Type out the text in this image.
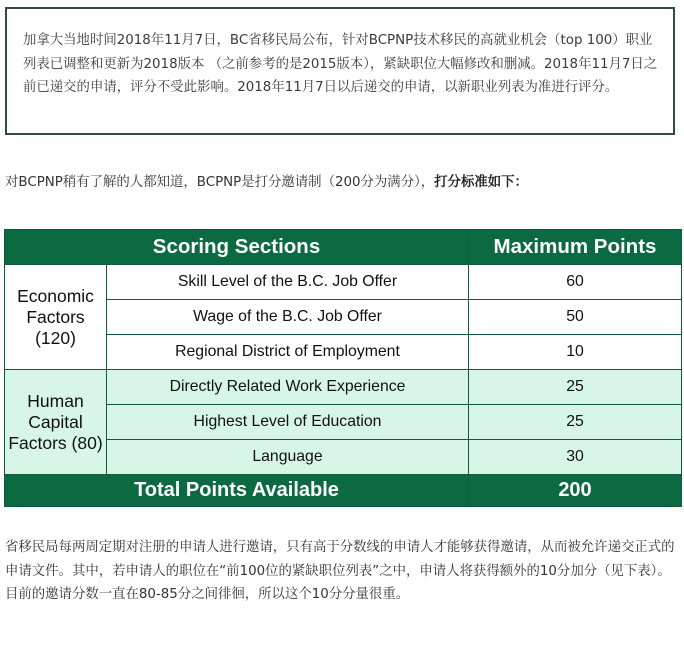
加拿大当地时间2018年11月7日，BC省移民局公布，针对BCPNP技术移民的高就业机会（top 100）职业列表已调整和更新为2018版本 （之前参考的是2015版本），紧缺职位大幅修改和删减。2018年11月7日之前已递交的申请，评分不受此影响。2018年11月7日以后递交的申请，以新职业列表为准进行评分。
对BCPNP稍有了解的人都知道，BCPNP是打分邀请制（200分为满分），打分标准如下：
Scoring Sections		Maximum Points
Economic Factors (120)	Skill Level of the B.C. Job Offer	60
	Wage of the B.C. Job Offer	50
	Regional District of Employment	10
Human Capital Factors (80)	Directly Related Work Experience	25
	Highest Level of Education	25
	Language	30
Total Points Available		200
省移民局每两周定期对注册的申请人进行邀请，只有高于分数线的申请人才能够获得邀请，从而被允许递交正式的申请文件。其中，若申请人的职位在“前100位的紧缺职位列表”之中，申请人将获得额外的10分加分（见下表）。目前的邀请分数一直在80-85分之间徘徊，所以这个10分分量很重。
